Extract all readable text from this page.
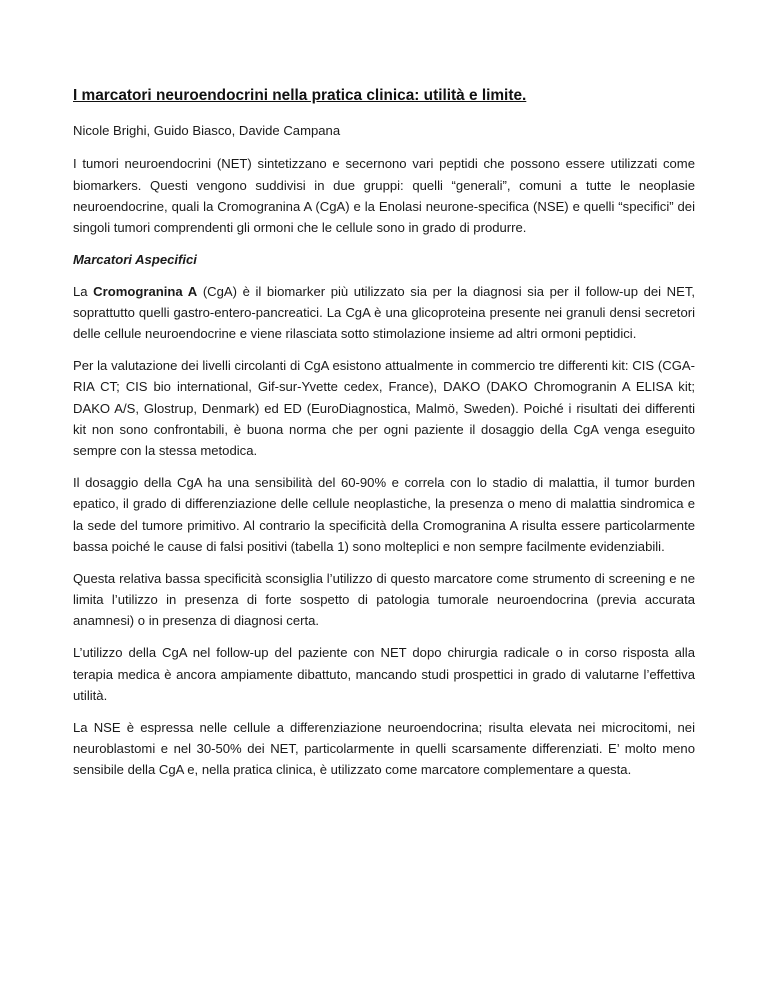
I marcatori neuroendocrini nella pratica clinica: utilità e limite.

Nicole Brighi, Guido Biasco, Davide Campana

I tumori neuroendocrini (NET) sintetizzano e secernono vari peptidi che possono essere utilizzati come biomarkers. Questi vengono suddivisi in due gruppi: quelli “generali”, comuni a tutte le neoplasie neuroendocrine, quali la Cromogranina A (CgA) e la Enolasi neurone-specifica (NSE) e quelli “specifici” dei singoli tumori comprendenti gli ormoni che le cellule sono in grado di produrre.

Marcatori Aspecifici

La Cromogranina A (CgA) è il biomarker più utilizzato sia per la diagnosi sia per il follow-up dei NET, soprattutto quelli gastro-entero-pancreatici. La CgA è una glicoproteina presente nei granuli densi secretori delle cellule neuroendocrine e viene rilasciata sotto stimolazione insieme ad altri ormoni peptidici.

Per la valutazione dei livelli circolanti di CgA esistono attualmente in commercio tre differenti kit: CIS (CGA-RIA CT; CIS bio international, Gif-sur-Yvette cedex, France), DAKO (DAKO Chromogranin A ELISA kit; DAKO A/S, Glostrup, Denmark) ed ED (EuroDiagnostica, Malmö, Sweden). Poiché i risultati dei differenti kit non sono confrontabili, è buona norma che per ogni paziente il dosaggio della CgA venga eseguito sempre con la stessa metodica.

Il dosaggio della CgA ha una sensibilità del 60-90% e correla con lo stadio di malattia, il tumor burden epatico, il grado di differenziazione delle cellule neoplastiche, la presenza o meno di malattia sindromica e la sede del tumore primitivo. Al contrario la specificità della Cromogranina A risulta essere particolarmente bassa poiché le cause di falsi positivi (tabella 1) sono molteplici e non sempre facilmente evidenziabili.

Questa relativa bassa specificità sconsiglia l’utilizzo di questo marcatore come strumento di screening e ne limita l’utilizzo in presenza di forte sospetto di patologia tumorale neuroendocrina (previa accurata anamnesi) o in presenza di diagnosi certa.

L’utilizzo della CgA nel follow-up del paziente con NET dopo chirurgia radicale o in corso risposta alla terapia medica è ancora ampiamente dibattuto, mancando studi prospettici in grado di valutarne l’effettiva utilità.

La NSE è espressa nelle cellule a differenziazione neuroendocrina; risulta elevata nei microcitomi, nei neuroblastomi e nel 30-50% dei NET, particolarmente in quelli scarsamente differenziati. E’ molto meno sensibile della CgA e, nella pratica clinica, è utilizzato come marcatore complementare a questa.
